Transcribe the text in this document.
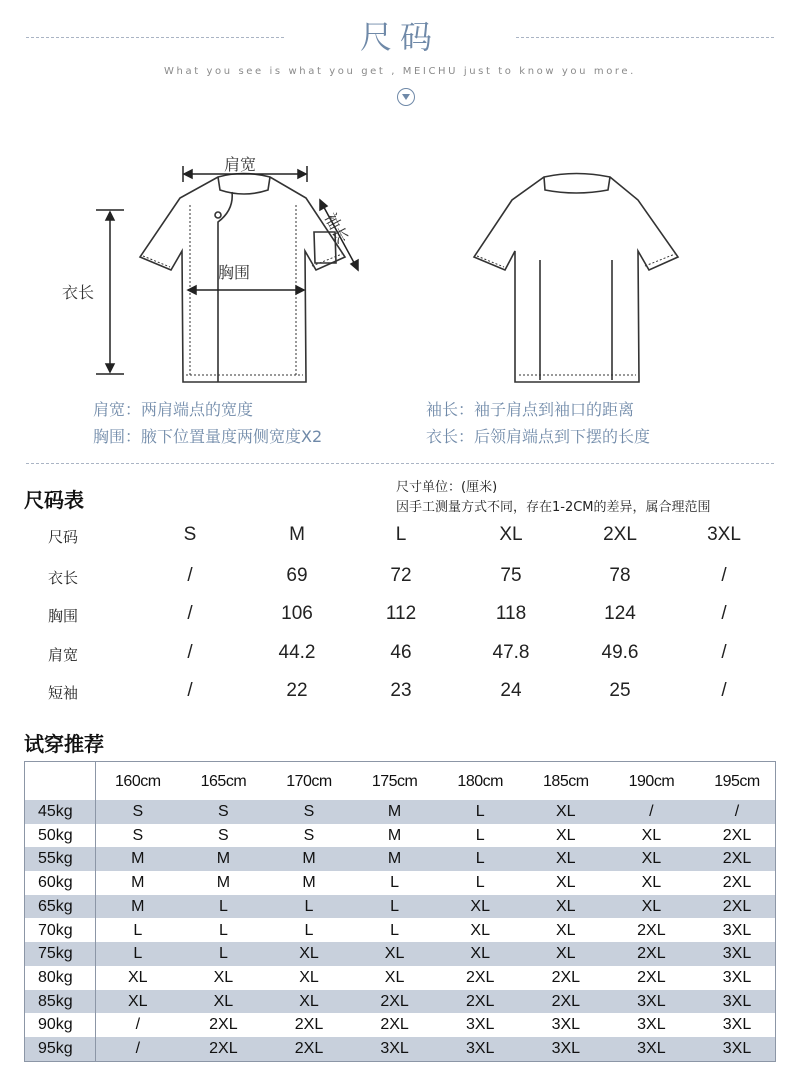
尺码
What you see is what you get , MEICHU just to know you more.
肩宽
袖长
胸围
衣长
肩宽：两肩端点的宽度
胸围：腋下位置量度两侧宽度X2
袖长：袖子肩点到袖口的距离
衣长：后领肩端点到下摆的长度
尺码表
尺寸单位：(厘米)
因手工测量方式不同，存在1-2CM的差异，属合理范围
尺码	S	M	L	XL	2XL	3XL
衣长	/	69	72	75	78	/
胸围	/	106	112	118	124	/
肩宽	/	44.2	46	47.8	49.6	/
短袖	/	22	23	24	25	/
试穿推荐
160cm	165cm	170cm	175cm	180cm	185cm	190cm	195cm
45kg	S	S	S	M	L	XL	/	/
50kg	S	S	S	M	L	XL	XL	2XL
55kg	M	M	M	M	L	XL	XL	2XL
60kg	M	M	M	L	L	XL	XL	2XL
65kg	M	L	L	L	XL	XL	XL	2XL
70kg	L	L	L	L	XL	XL	2XL	3XL
75kg	L	L	XL	XL	XL	XL	2XL	3XL
80kg	XL	XL	XL	XL	2XL	2XL	2XL	3XL
85kg	XL	XL	XL	2XL	2XL	2XL	3XL	3XL
90kg	/	2XL	2XL	2XL	3XL	3XL	3XL	3XL
95kg	/	2XL	2XL	3XL	3XL	3XL	3XL	3XL
